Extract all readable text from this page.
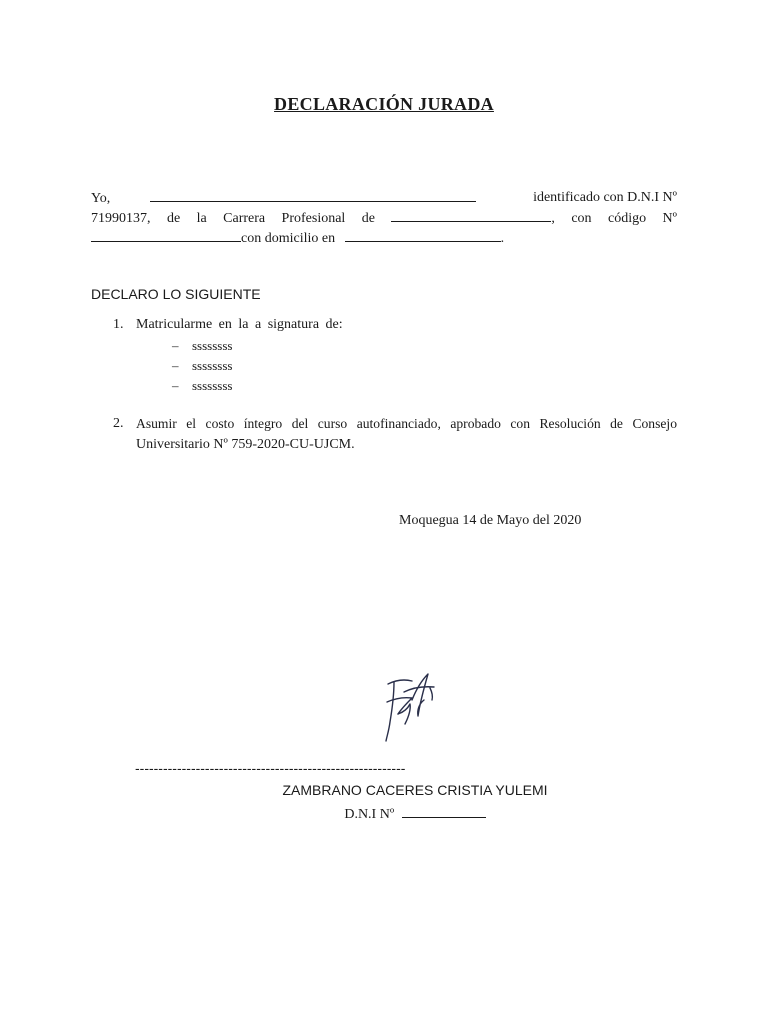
DECLARACIÓN JURADA
Yo,	identificado con D.N.I Nº
71990137, de la Carrera Profesional de	, con código Nº
con domicilio en	.
DECLARO LO SIGUIENTE
1. Matricularme en la a signatura de:
– ssssssss
– ssssssss
– ssssssss
2. Asumir el costo íntegro del curso autofinanciado, aprobado con Resolución de Consejo
Universitario Nº 759-2020-CU-UJCM.
Moquegua 14 de Mayo del 2020
----------------------------------------------------------
ZAMBRANO CACERES CRISTIA YULEMI
D.N.I Nº
